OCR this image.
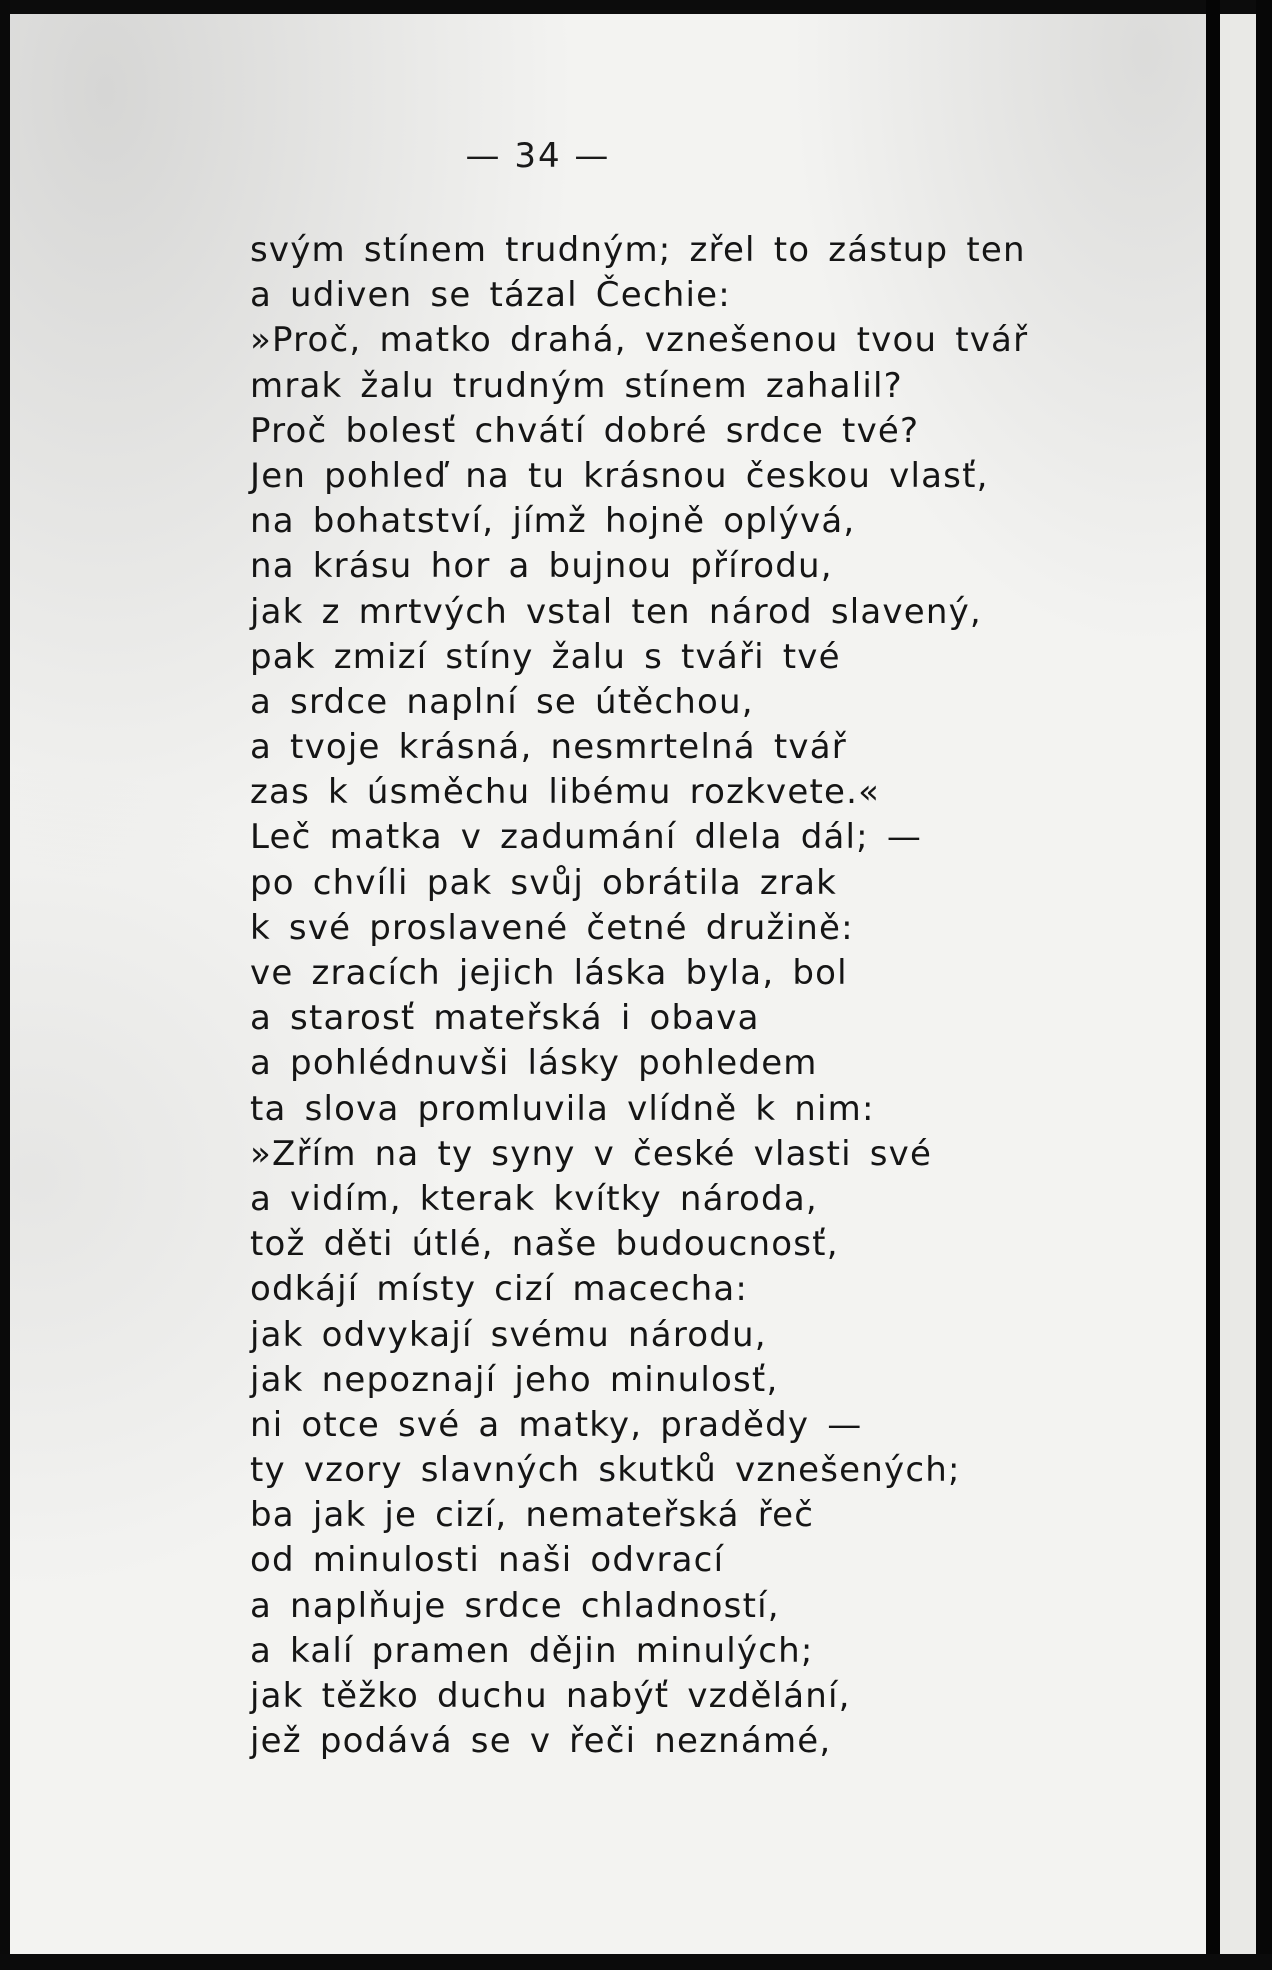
— 34 —
svým stínem trudným; zřel to zástup ten
a udiven se tázal Čechie:
»Proč, matko drahá, vznešenou tvou tvář
mrak žalu trudným stínem zahalil?
Proč bolesť chvátí dobré srdce tvé?
Jen pohleď na tu krásnou českou vlasť,
na bohatství, jímž hojně oplývá,
na krásu hor a bujnou přírodu,
jak z mrtvých vstal ten národ slavený,
pak zmizí stíny žalu s tváři tvé
a srdce naplní se útěchou,
a tvoje krásná, nesmrtelná tvář
zas k úsměchu libému rozkvete.«
Leč matka v zadumání dlela dál; —
po chvíli pak svůj obrátila zrak
k své proslavené četné družině:
ve zracích jejich láska byla, bol
a starosť mateřská i obava
a pohlédnuvši lásky pohledem
ta slova promluvila vlídně k nim:
»Zřím na ty syny v české vlasti své
a vidím, kterak kvítky národa,
tož děti útlé, naše budoucnosť,
odkájí místy cizí macecha:
jak odvykají svému národu,
jak nepoznají jeho minulosť,
ni otce své a matky, pradědy —
ty vzory slavných skutků vznešených;
ba jak je cizí, nemateřská řeč
od minulosti naši odvrací
a naplňuje srdce chladností,
a kalí pramen dějin minulých;
jak těžko duchu nabýť vzdělání,
jež podává se v řeči neznámé,
